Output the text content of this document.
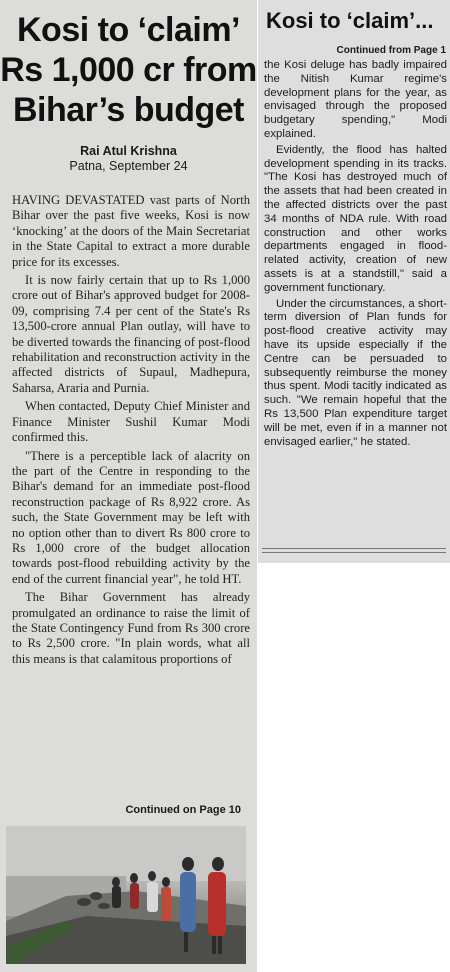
Kosi to ‘claim’
Rs 1,000 cr from
Bihar’s budget
Rai Atul Krishna
Patna, September 24

HAVING DEVASTATED vast parts of North Bihar over the past five weeks, Kosi is now ‘knocking’ at the doors of the Main Secretariat in the State Capital to extract a more durable price for its excesses.

It is now fairly certain that up to Rs 1,000 crore out of Bihar's approved budget for 2008-09, comprising 7.4 per cent of the State's Rs 13,500-crore annual Plan outlay, will have to be diverted towards the financing of post-flood rehabilitation and reconstruction activity in the affected districts of Supaul, Madhepura, Saharsa, Araria and Purnia.

When contacted, Deputy Chief Minister and Finance Minister Sushil Kumar Modi confirmed this.

"There is a perceptible lack of alacrity on the part of the Centre in responding to the Bihar's demand for an immediate post-flood reconstruction package of Rs 8,922 crore. As such, the State Government may be left with no option other than to divert Rs 800 crore to Rs 1,000 crore of the budget allocation towards post-flood rebuilding activity by the end of the current financial year", he told HT.

The Bihar Government has already promulgated an ordinance to raise the limit of the State Contingency Fund from Rs 300 crore to Rs 2,500 crore. "In plain words, what all this means is that calamitous proportions of

Continued on Page 10
Kosi to ‘claim’...
Continued from Page 1

the Kosi deluge has badly impaired the Nitish Kumar regime's development plans for the year, as envisaged through the proposed budgetary spending," Modi explained.

Evidently, the flood has halted development spending in its tracks. "The Kosi has destroyed much of the assets that had been created in the affected districts over the past 34 months of NDA rule. With road construction and other works departments engaged in flood-related activity, creation of new assets is at a standstill," said a government functionary.

Under the circumstances, a short-term diversion of Plan funds for post-flood creative activity may have its upside especially if the Centre can be persuaded to subsequently reimburse the money thus spent. Modi tacitly indicated as such. "We remain hopeful that the Rs 13,500 Plan expenditure target will be met, even if in a manner not envisaged earlier," he stated.
